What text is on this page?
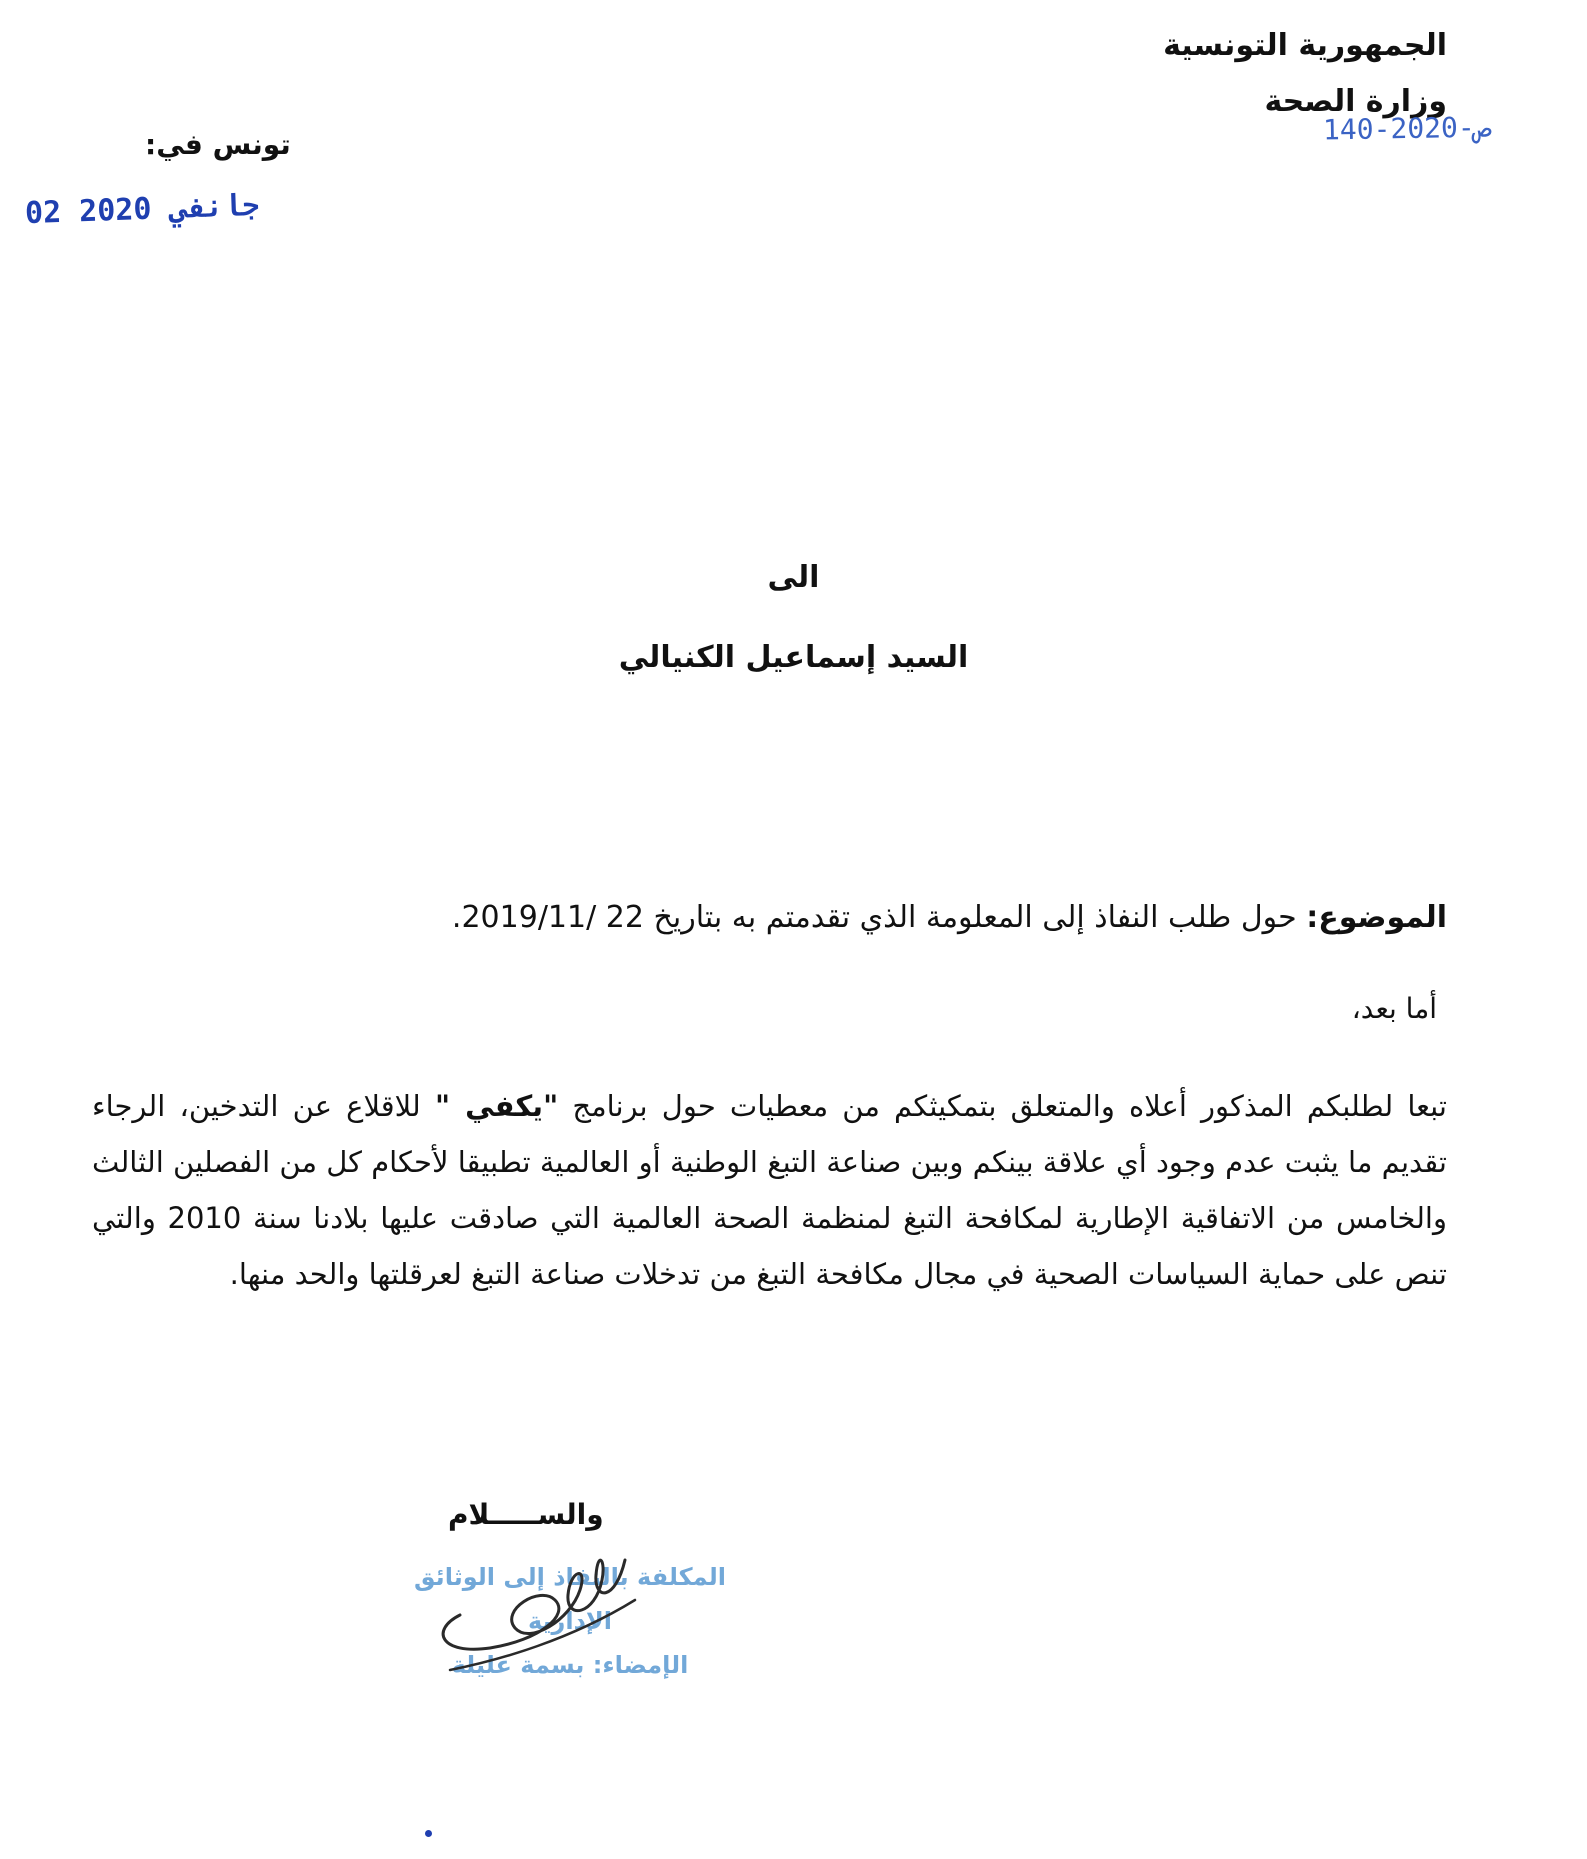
الجمهورية التونسية
وزارة الصحة
140-2020-ص
تونس في:
02 جانفي 2020
الى
السيد إسماعيل الكنيالي
الموضوع: حول طلب النفاذ إلى المعلومة الذي تقدمتم به بتاريخ 22 /2019/11.
أما بعد،
تبعا لطلبكم المذكور أعلاه والمتعلق بتمكيثكم من معطيات حول برنامج "يكفي " للاقلاع عن التدخين، الرجاء تقديم ما يثبت عدم وجود أي علاقة بينكم وبين صناعة التبغ الوطنية أو العالمية تطبيقا لأحكام كل من الفصلين الثالث والخامس من الاتفاقية الإطارية لمكافحة التبغ لمنظمة الصحة العالمية التي صادقت عليها بلادنا سنة 2010 والتي تنص على حماية السياسات الصحية في مجال مكافحة التبغ من تدخلات صناعة التبغ لعرقلتها والحد منها.
والســـــلام
المكلفة بالنفاذ إلى الوثائق الإدارية
الإمضاء: بسمة عليلة
